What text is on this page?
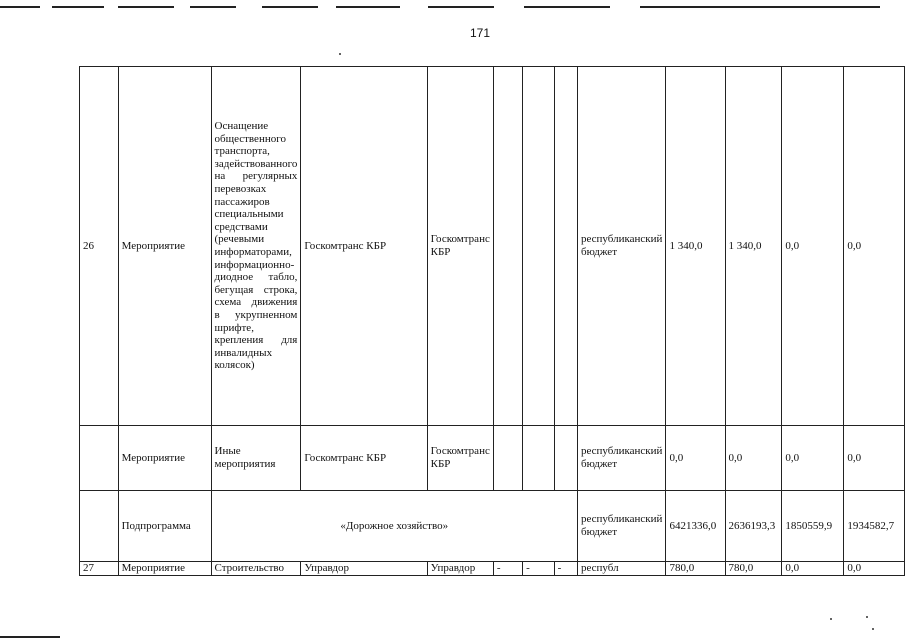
171
26	Мероприятие	Оснащение общественного транспорта, задействованного на регулярных перевозках пассажиров специальными средствами (речевыми информаторами, информационно-диодное табло, бегущая строка, схема движения в укрупненном шрифте, крепления для инвалидных колясок)	Госкомтранс КБР	Госкомтранс КБР				республиканский бюджет	1 340,0	1 340,0	0,0	0,0
	Мероприятие	Иные мероприятия	Госкомтранс КБР	Госкомтранс КБР				республиканский бюджет	0,0	0,0	0,0	0,0
	Подпрограмма	«Дорожное хозяйство»						республиканский бюджет	6421336,0	2636193,3	1850559,9	1934582,7
27	Мероприятие	Строительство	Управдор	Управдор	-	-	-	республ	780,0	780,0	0,0	0,0
